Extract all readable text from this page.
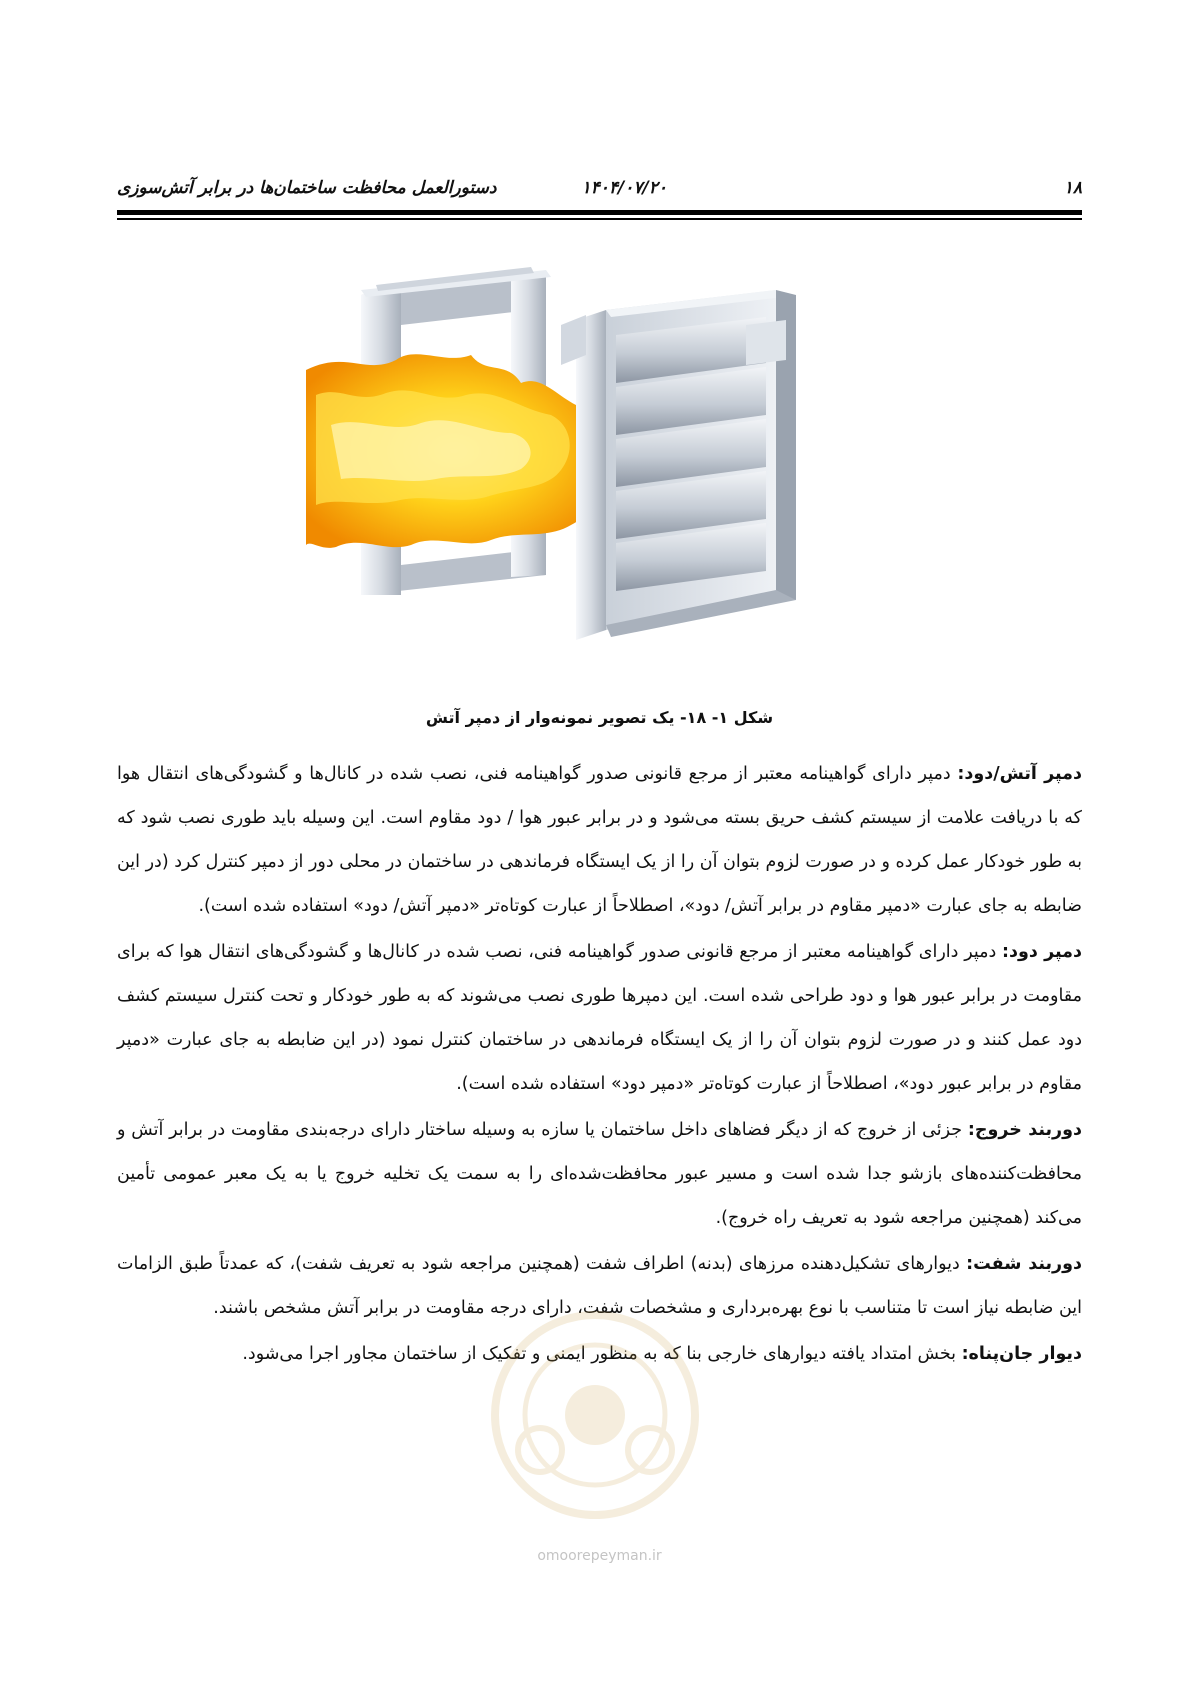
۱۸
۱۴۰۴/۰۷/۲۰
دستورالعمل محافظت ساختمان‌ها در برابر آتش‌سوزی
شکل ۱- ۱۸- یک تصویر نمونه‌وار از دمپر آتش

دمپر آتش/دود: دمپر دارای گواهینامه معتبر از مرجع قانونی صدور گواهینامه فنی، نصب شده در کانال‌ها و گشودگی‌های انتقال هوا که با دریافت علامت از سیستم کشف حریق بسته می‌شود و در برابر عبور هوا / دود مقاوم است. این وسیله باید طوری نصب شود که به طور خودکار عمل کرده و در صورت لزوم بتوان آن را از یک ایستگاه فرماندهی در ساختمان در محلی دور از دمپر کنترل کرد (در این ضابطه به جای عبارت «دمپر مقاوم در برابر آتش/ دود»، اصطلاحاً از عبارت کوتاه‌تر «دمپر آتش/ دود» استفاده شده است).

دمپر دود: دمپر دارای گواهینامه معتبر از مرجع قانونی صدور گواهینامه فنی، نصب شده در کانال‌ها و گشودگی‌های انتقال هوا که برای مقاومت در برابر عبور هوا و دود طراحی شده است. این دمپرها طوری نصب می‌شوند که به طور خودکار و تحت کنترل سیستم کشف دود عمل کنند و در صورت لزوم بتوان آن را از یک ایستگاه فرماندهی در ساختمان کنترل نمود (در این ضابطه به جای عبارت «دمپر مقاوم در برابر عبور دود»، اصطلاحاً از عبارت کوتاه‌تر «دمپر دود» استفاده شده است).

دوربند خروج: جزئی از خروج که از دیگر فضاهای داخل ساختمان یا سازه به وسیله ساختار دارای درجه‌بندی مقاومت در برابر آتش و محافظت‌کننده‌های بازشو جدا شده است و مسیر عبور محافظت‌شده‌ای را به سمت یک تخلیه خروج یا به یک معبر عمومی تأمین می‌کند (همچنین مراجعه شود به تعریف راه خروج).

دوربند شفت: دیوارهای تشکیل‌دهنده مرزهای (بدنه) اطراف شفت (همچنین مراجعه شود به تعریف شفت)، که عمدتاً طبق الزامات این ضابطه نیاز است تا متناسب با نوع بهره‌برداری و مشخصات شفت، دارای درجه مقاومت در برابر آتش مشخص باشند.

دیوار جان‌پناه: بخش امتداد یافته دیوارهای خارجی بنا که به منظور ایمنی و تفکیک از ساختمان مجاور اجرا می‌شود.

omoorepeyman.ir
